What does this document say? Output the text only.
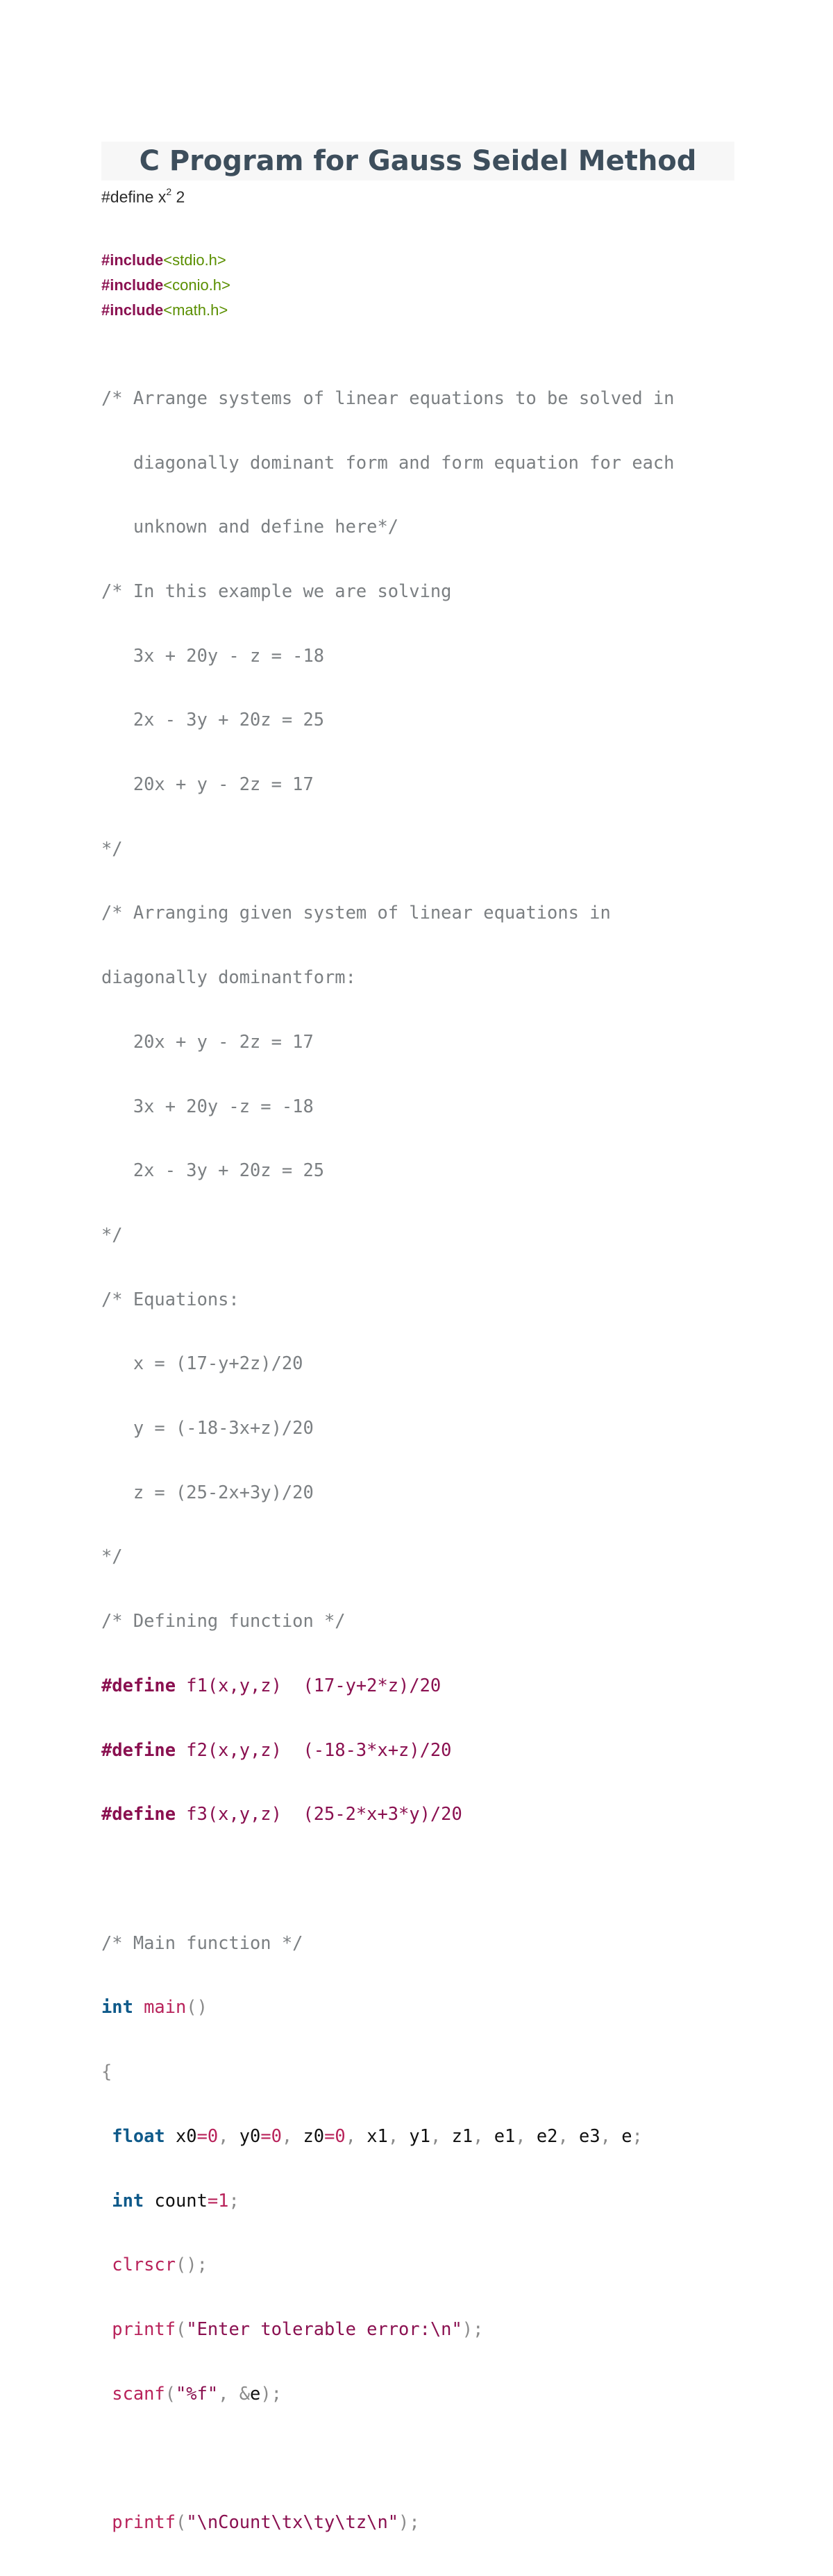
C Program for Gauss Seidel Method

#define $x^2$ 2

#include<stdio.h>

#include<conio.h>

#include<math.h>

/* Arrange systems of linear equations to be solved in

diagonally dominant form and form equation for each

unknown and define here*/

/* In this example we are solving

3x + 20y - z = -18

2x - 3y + 20z = 25

20x + y - 2z = 17

*/

/* Arranging given system of linear equations in

diagonally dominantform:

20x + y - 2z = 17

3x + 20y -z = -18

2x - 3y + 20z = 25

*/

/* Equations:

x = (17-y+2z)/20

y = (-18-3x+z)/20

z = (25-2x+3y)/20

*/

/* Defining function */

#define f1(x,y,z)  (17-y+2*z)/20

#define f2(x,y,z)  (-18-3*x+z)/20

#define f3(x,y,z)  (25-2*x+3*y)/20

/* Main function */

int main()

{

float x0=0, y0=0, z0=0, x1, y1, z1, e1, e2, e3, e;

int count=1;

clrscr();

printf("Enter tolerable error:\n");

scanf("%f", &e);

printf("\nCount\tx\ty\tz\n");
